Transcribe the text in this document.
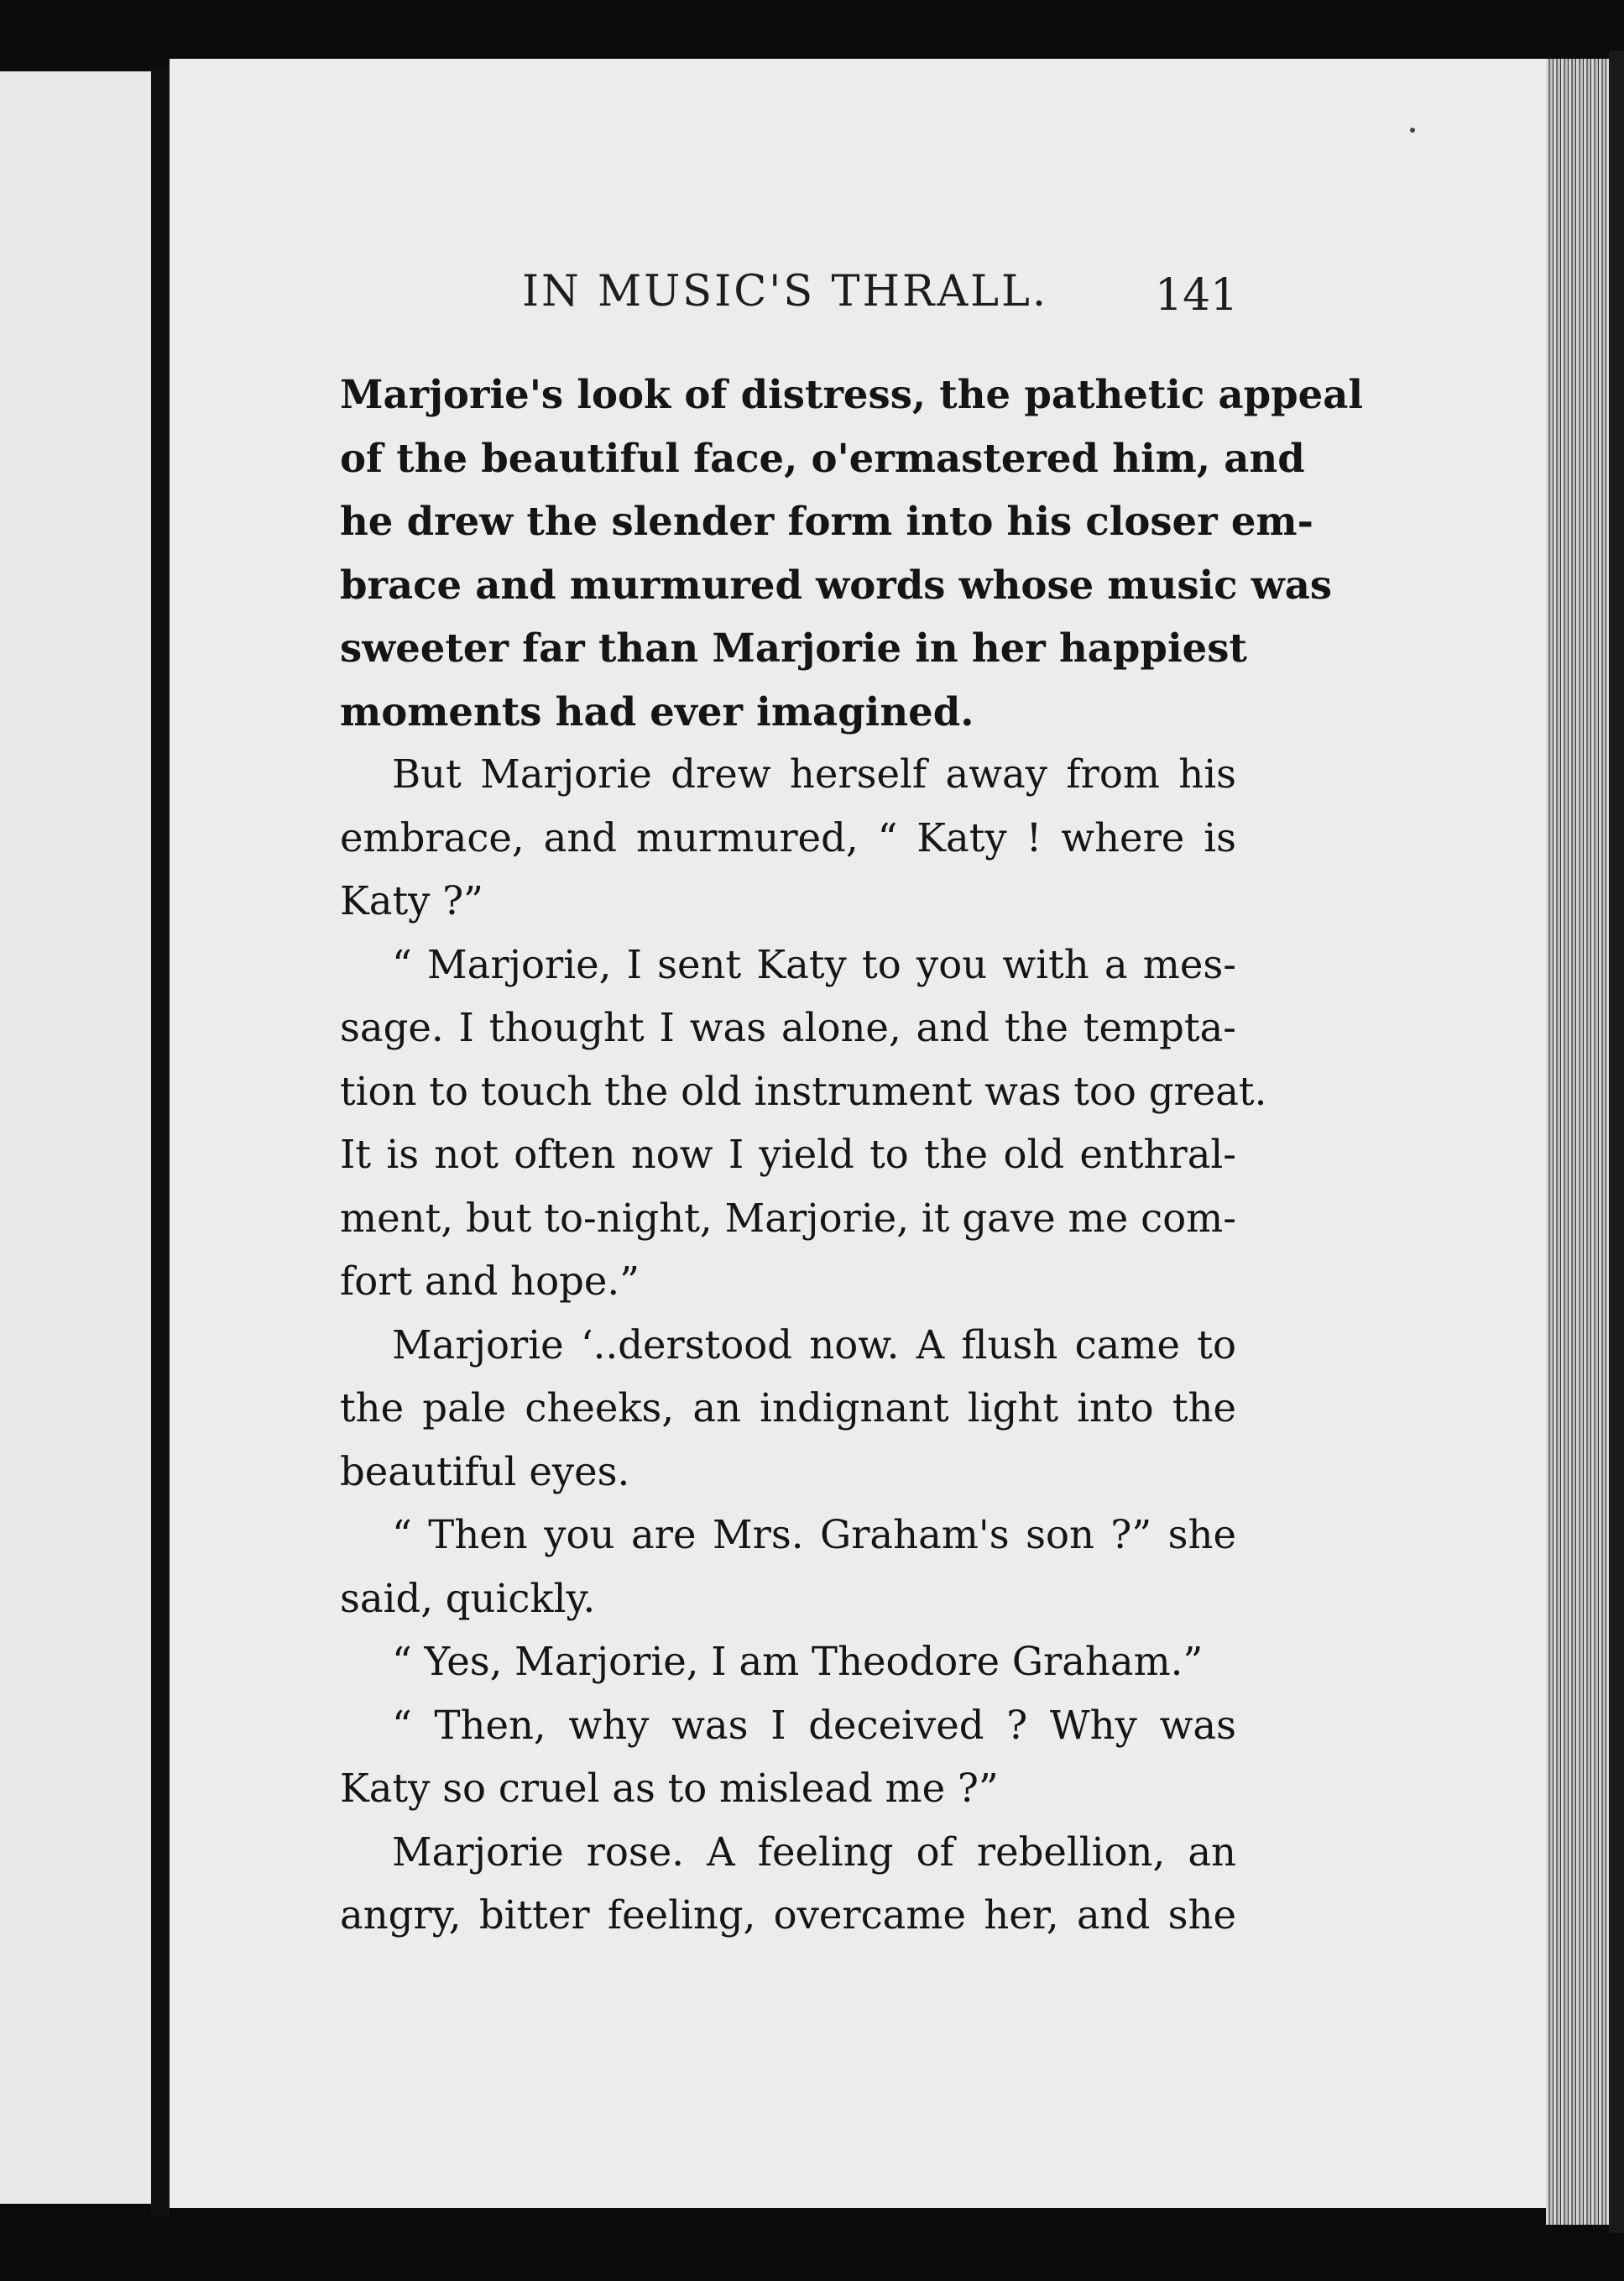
IN MUSIC'S THRALL. 141
Marjorie's look of distress, the pathetic appeal
of the beautiful face, o'ermastered him, and
he drew the slender form into his closer em-
brace and murmured words whose music was
sweeter far than Marjorie in her happiest
moments had ever imagined.
But Marjorie drew herself away from his
embrace, and murmured, “ Katy ! where is
Katy ?”
“ Marjorie, I sent Katy to you with a mes-
sage. I thought I was alone, and the tempta-
tion to touch the old instrument was too great.
It is not often now I yield to the old enthral-
ment, but to-night, Marjorie, it gave me com-
fort and hope.”
Marjorie ʻ..derstood now. A flush came to
the pale cheeks, an indignant light into the
beautiful eyes.
“ Then you are Mrs. Graham's son ?” she
said, quickly.
“ Yes, Marjorie, I am Theodore Graham.”
“ Then, why was I deceived ? Why was
Katy so cruel as to mislead me ?”
Marjorie rose. A feeling of rebellion, an
angry, bitter feeling, overcame her, and she
